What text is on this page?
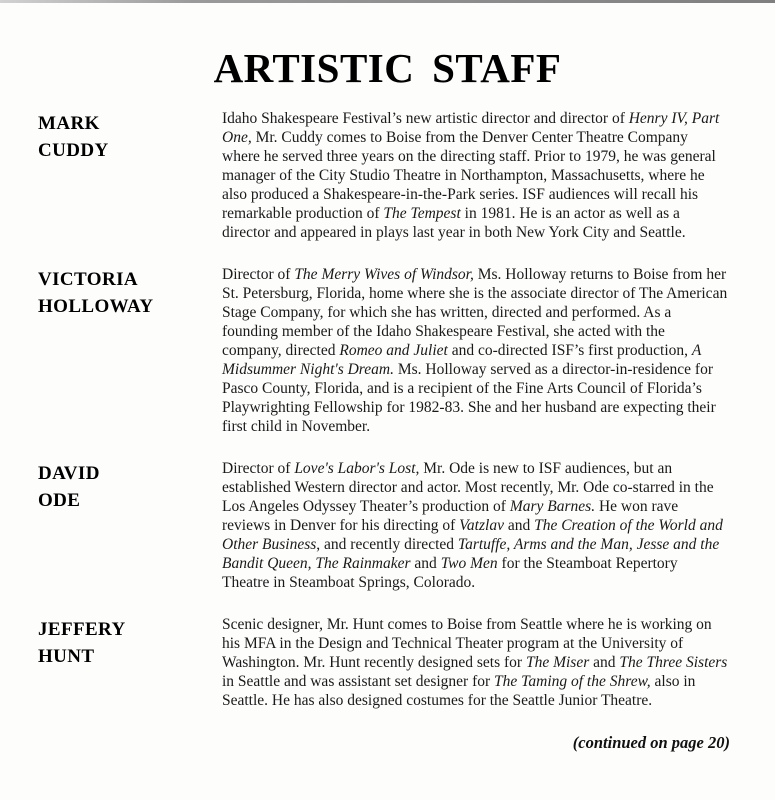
ARTISTIC STAFF
MARK
CUDDY

Idaho Shakespeare Festival’s new artistic director and director of Henry IV, Part One, Mr. Cuddy comes to Boise from the Denver Center Theatre Company where he served three years on the directing staff. Prior to 1979, he was general manager of the City Studio Theatre in Northampton, Massachusetts, where he also produced a Shakespeare-in-the-Park series. ISF audiences will recall his remarkable production of The Tempest in 1981. He is an actor as well as a director and appeared in plays last year in both New York City and Seattle.

VICTORIA
HOLLOWAY

Director of The Merry Wives of Windsor, Ms. Holloway returns to Boise from her St. Petersburg, Florida, home where she is the associate director of The American Stage Company, for which she has written, directed and performed. As a founding member of the Idaho Shakespeare Festival, she acted with the company, directed Romeo and Juliet and co-directed ISF’s first production, A Midsummer Night's Dream. Ms. Holloway served as a director-in-residence for Pasco County, Florida, and is a recipient of the Fine Arts Council of Florida’s Playwrighting Fellowship for 1982-83. She and her husband are expecting their first child in November.

DAVID
ODE

Director of Love's Labor's Lost, Mr. Ode is new to ISF audiences, but an established Western director and actor. Most recently, Mr. Ode co-starred in the Los Angeles Odyssey Theater’s production of Mary Barnes. He won rave reviews in Denver for his directing of Vatzlav and The Creation of the World and Other Business, and recently directed Tartuffe, Arms and the Man, Jesse and the Bandit Queen, The Rainmaker and Two Men for the Steamboat Repertory Theatre in Steamboat Springs, Colorado.

JEFFERY
HUNT

Scenic designer, Mr. Hunt comes to Boise from Seattle where he is working on his MFA in the Design and Technical Theater program at the University of Washington. Mr. Hunt recently designed sets for The Miser and The Three Sisters in Seattle and was assistant set designer for The Taming of the Shrew, also in Seattle. He has also designed costumes for the Seattle Junior Theatre.

(continued on page 20)
